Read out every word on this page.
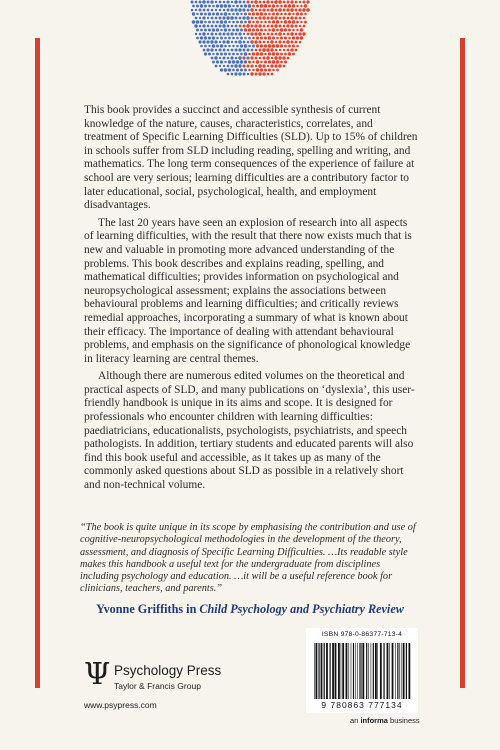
This book provides a succinct and accessible synthesis of current knowledge of the nature, causes, characteristics, correlates, and treatment of Specific Learning Difficulties (SLD). Up to 15% of children in schools suffer from SLD including reading, spelling and writing, and mathematics. The long term consequences of the experience of failure at school are very serious; learning difficulties are a contributory factor to later educational, social, psychological, health, and employment disadvantages.

The last 20 years have seen an explosion of research into all aspects of learning difficulties, with the result that there now exists much that is new and valuable in promoting more advanced understanding of the problems. This book describes and explains reading, spelling, and mathematical difficulties; provides information on psychological and neuropsychological assessment; explains the associations between behavioural problems and learning difficulties; and critically reviews remedial approaches, incorporating a summary of what is known about their efficacy. The importance of dealing with attendant behavioural problems, and emphasis on the significance of phonological knowledge in literacy learning are central themes.

Although there are numerous edited volumes on the theoretical and practical aspects of SLD, and many publications on ‘dyslexia’, this user-friendly handbook is unique in its aims and scope. It is designed for professionals who encounter children with learning difficulties: paediatricians, educationalists, psychologists, psychiatrists, and speech pathologists. In addition, tertiary students and educated parents will also find this book useful and accessible, as it takes up as many of the commonly asked questions about SLD as possible in a relatively short and non-technical volume.

“The book is quite unique in its scope by emphasising the contribution and use of cognitive-neuropsychological methodologies in the development of the theory, assessment, and diagnosis of Specific Learning Difficulties. …Its readable style makes this handbook a useful text for the undergraduate from disciplines including psychology and education. …it will be a useful reference book for clinicians, teachers, and parents.”

Yvonne Griffiths in Child Psychology and Psychiatry Review
Ψ Psychology Press
Taylor & Francis Group
www.psypress.com
ISBN 978-0-86377-713-4
9 780863 777134
an informa business
